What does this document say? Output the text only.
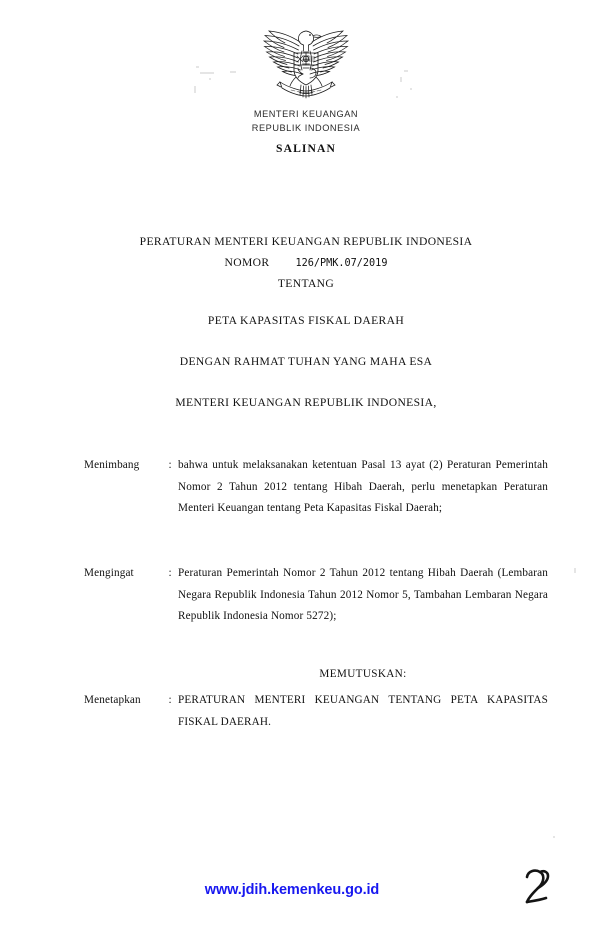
MENTERI KEUANGAN
REPUBLIK INDONESIA
SALINAN
PERATURAN MENTERI KEUANGAN REPUBLIK INDONESIA
NOMOR	126/PMK.07/2019
TENTANG
PETA KAPASITAS FISKAL DAERAH
DENGAN RAHMAT TUHAN YANG MAHA ESA
MENTERI KEUANGAN REPUBLIK INDONESIA,
Menimbang	: bahwa untuk melaksanakan ketentuan Pasal 13 ayat (2) Peraturan Pemerintah Nomor 2 Tahun 2012 tentang Hibah Daerah, perlu menetapkan Peraturan Menteri Keuangan tentang Peta Kapasitas Fiskal Daerah;
Mengingat	: Peraturan Pemerintah Nomor 2 Tahun 2012 tentang Hibah Daerah (Lembaran Negara Republik Indonesia Tahun 2012 Nomor 5, Tambahan Lembaran Negara Republik Indonesia Nomor 5272);
MEMUTUSKAN:
Menetapkan	: PERATURAN MENTERI KEUANGAN TENTANG PETA KAPASITAS FISKAL DAERAH.
www.jdih.kemenkeu.go.id
